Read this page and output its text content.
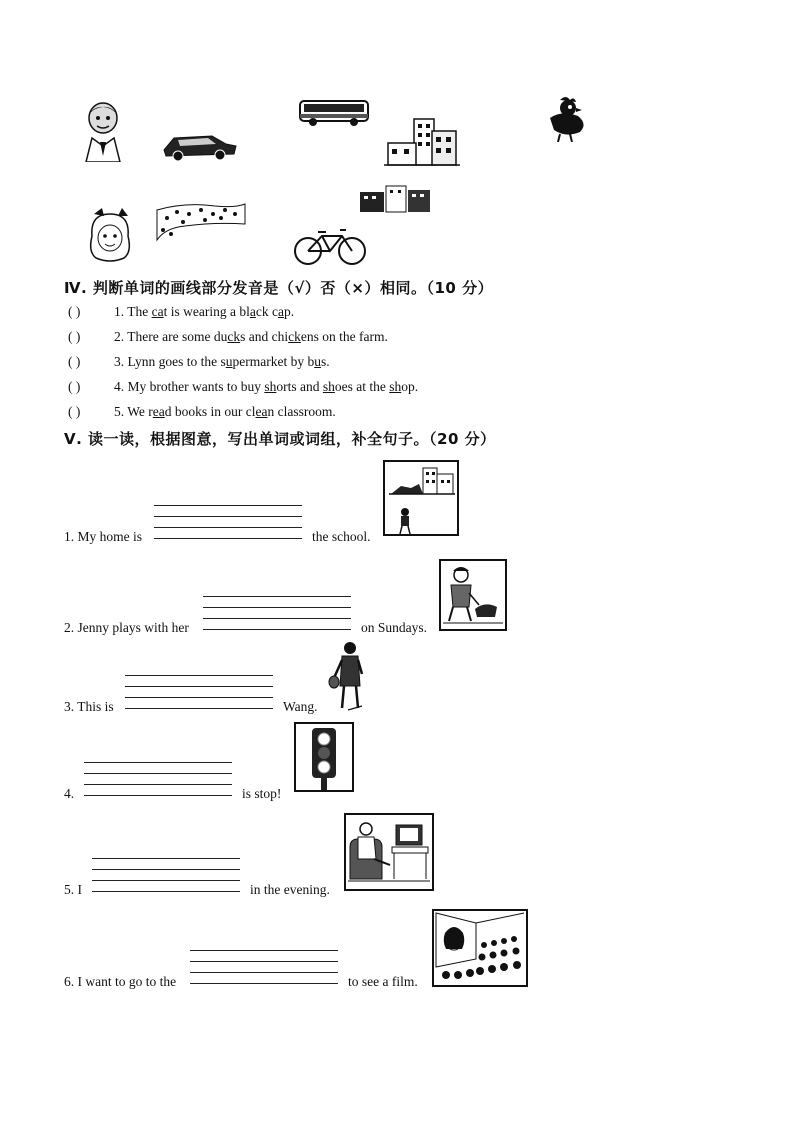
Ⅳ. 判断单词的画线部分发音是（√）否（×）相同。（10 分）
( ) 1. The cat is wearing a black cap.
( ) 2. There are some ducks and chickens on the farm.
( ) 3. Lynn goes to the supermarket by bus.
( ) 4. My brother wants to buy shorts and shoes at the shop.
( ) 5. We read books in our clean classroom.
Ⅴ. 读一读，根据图意，写出单词或词组，补全句子。（20 分）
1. My home is	the school.
2. Jenny plays with her	on Sundays.
3. This is	Wang.
4.	is stop!
5. I	in the evening.
6. I want to go to the	to see a film.
